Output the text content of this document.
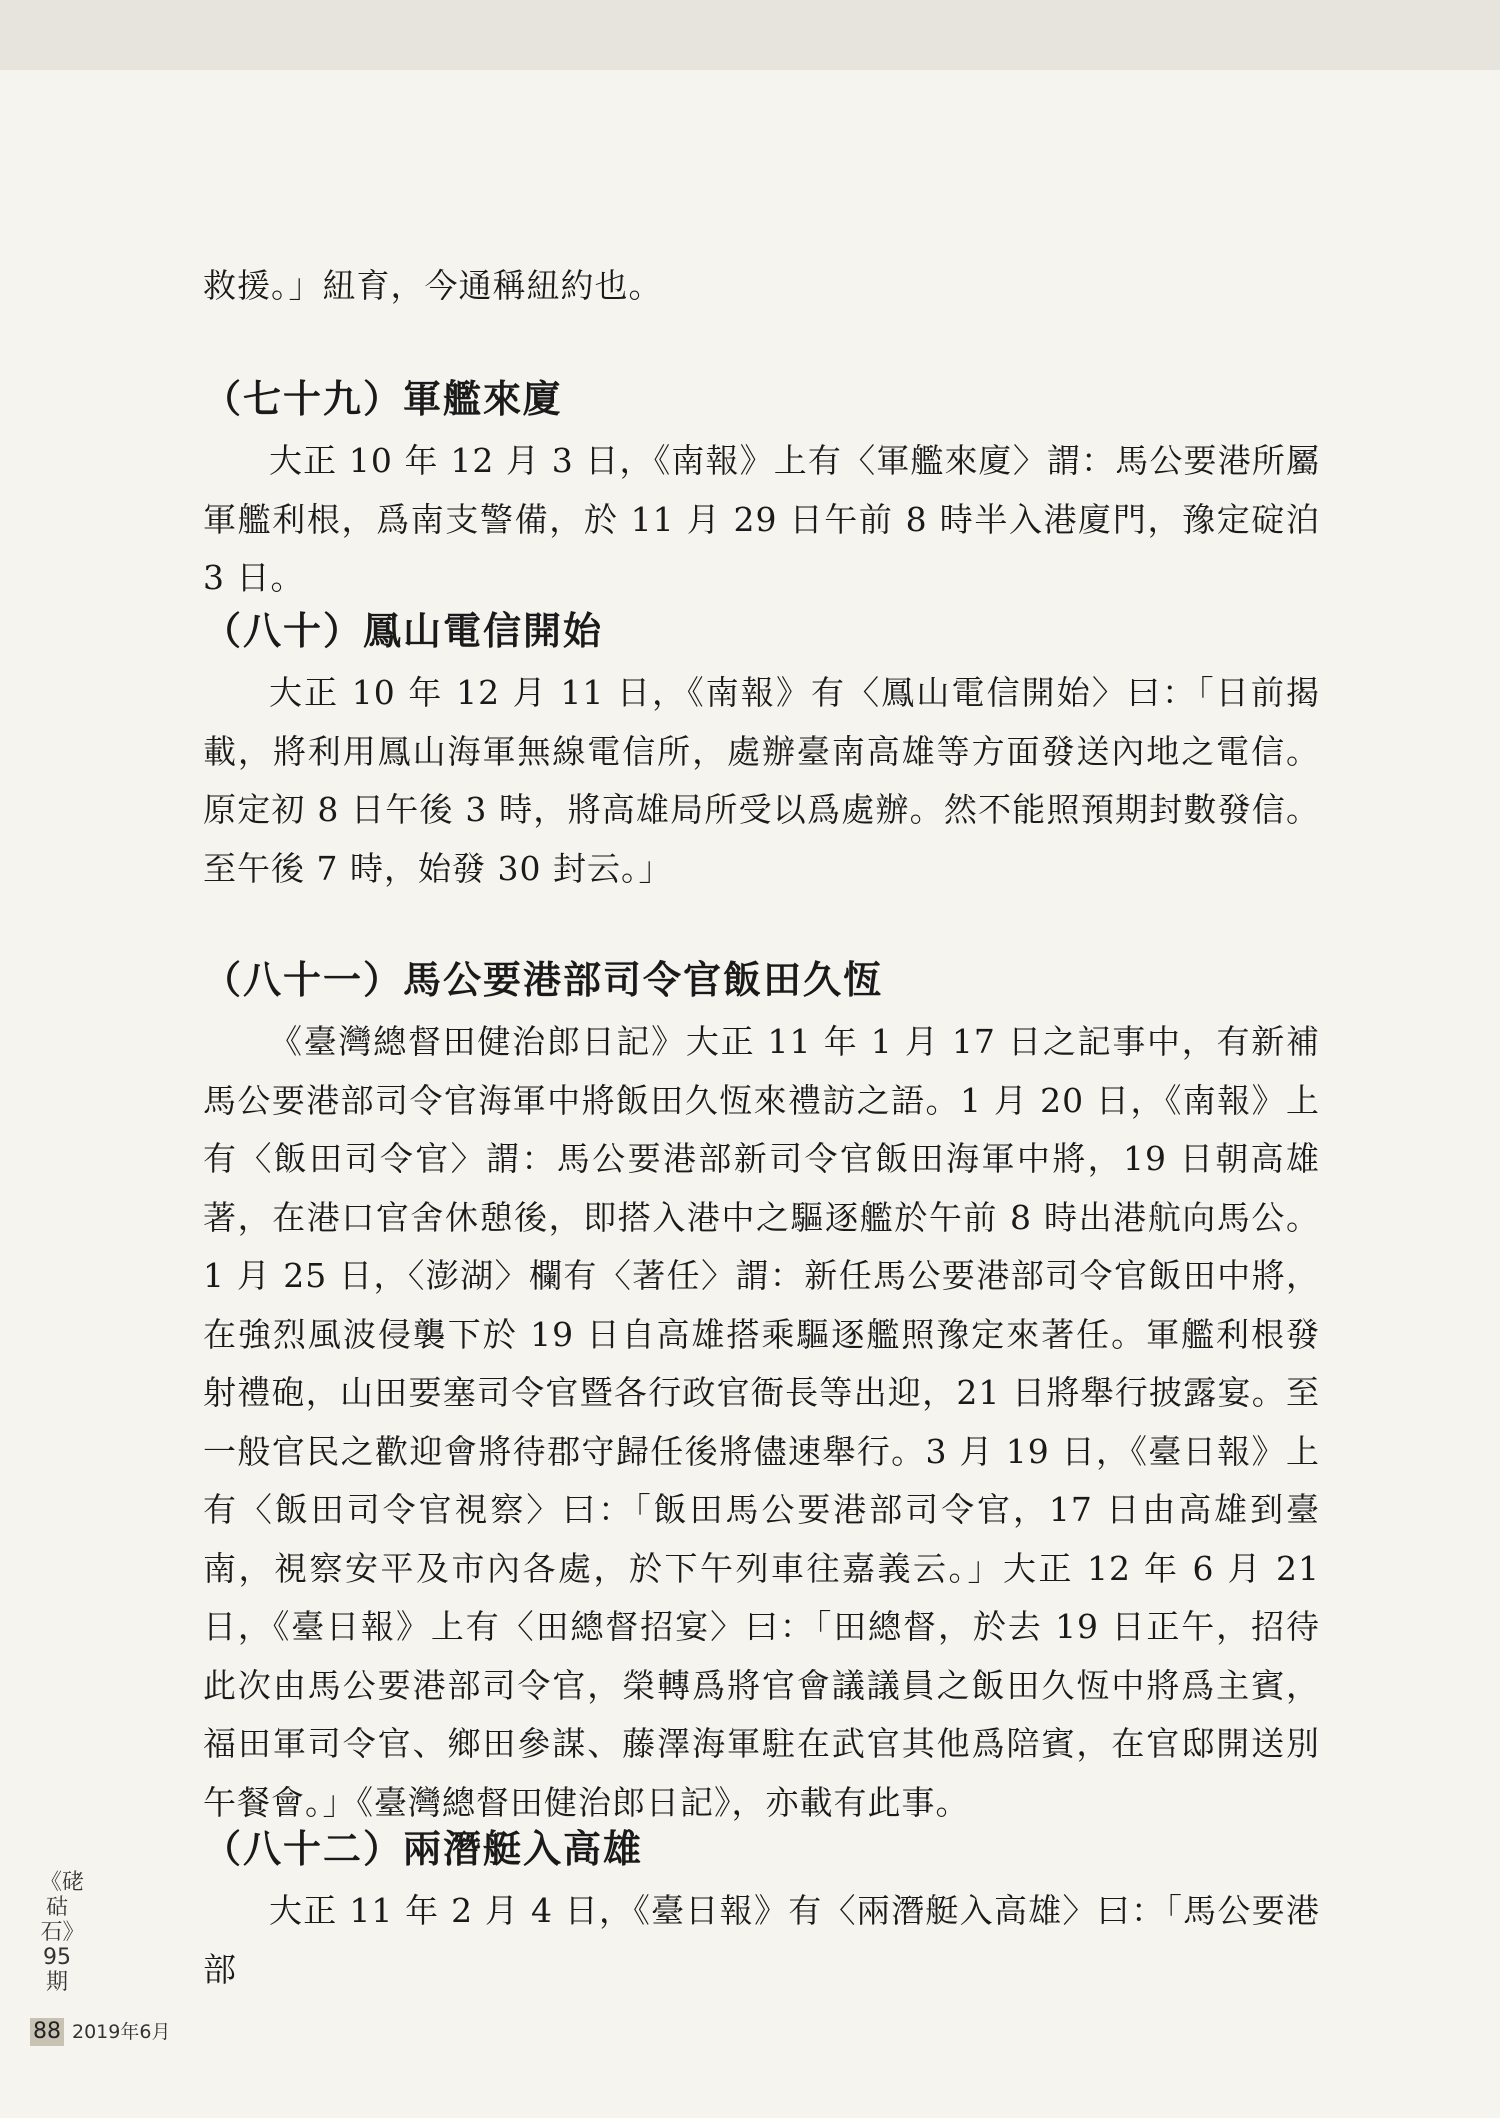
救援。」紐育，今通稱紐約也。

（七十九）軍艦來廈

大正 10 年 12 月 3 日，《南報》上有〈軍艦來廈〉謂：馬公要港所屬軍艦利根，爲南支警備，於 11 月 29 日午前 8 時半入港廈門，豫定碇泊 3 日。

（八十）鳳山電信開始

大正 10 年 12 月 11 日，《南報》有〈鳳山電信開始〉曰：「日前揭載，將利用鳳山海軍無線電信所，處辦臺南高雄等方面發送內地之電信。原定初 8 日午後 3 時，將高雄局所受以爲處辦。然不能照預期封數發信。至午後 7 時，始發 30 封云。」

（八十一）馬公要港部司令官飯田久恆

《臺灣總督田健治郎日記》大正 11 年 1 月 17 日之記事中，有新補馬公要港部司令官海軍中將飯田久恆來禮訪之語。1 月 20 日，《南報》上有〈飯田司令官〉謂：馬公要港部新司令官飯田海軍中將，19 日朝高雄著，在港口官舍休憩後，即搭入港中之驅逐艦於午前 8 時出港航向馬公。1 月 25 日，〈澎湖〉欄有〈著任〉謂：新任馬公要港部司令官飯田中將，在強烈風波侵襲下於 19 日自高雄搭乘驅逐艦照豫定來著任。軍艦利根發射禮砲，山田要塞司令官暨各行政官衙長等出迎，21 日將舉行披露宴。至一般官民之歡迎會將待郡守歸任後將儘速舉行。3 月 19 日，《臺日報》上有〈飯田司令官視察〉曰：「飯田馬公要港部司令官，17 日由高雄到臺南，視察安平及市內各處，於下午列車往嘉義云。」大正 12 年 6 月 21 日，《臺日報》上有〈田總督招宴〉曰：「田總督，於去 19 日正午，招待此次由馬公要港部司令官，榮轉爲將官會議議員之飯田久恆中將爲主賓，福田軍司令官、鄉田參謀、藤澤海軍駐在武官其他爲陪賓，在官邸開送別午餐會。」《臺灣總督田健治郎日記》，亦載有此事。

（八十二）兩潛艇入高雄

大正 11 年 2 月 4 日，《臺日報》有〈兩潛艇入高雄〉曰：「馬公要港部

《硓𥑮石》95期
88 2019年6月
